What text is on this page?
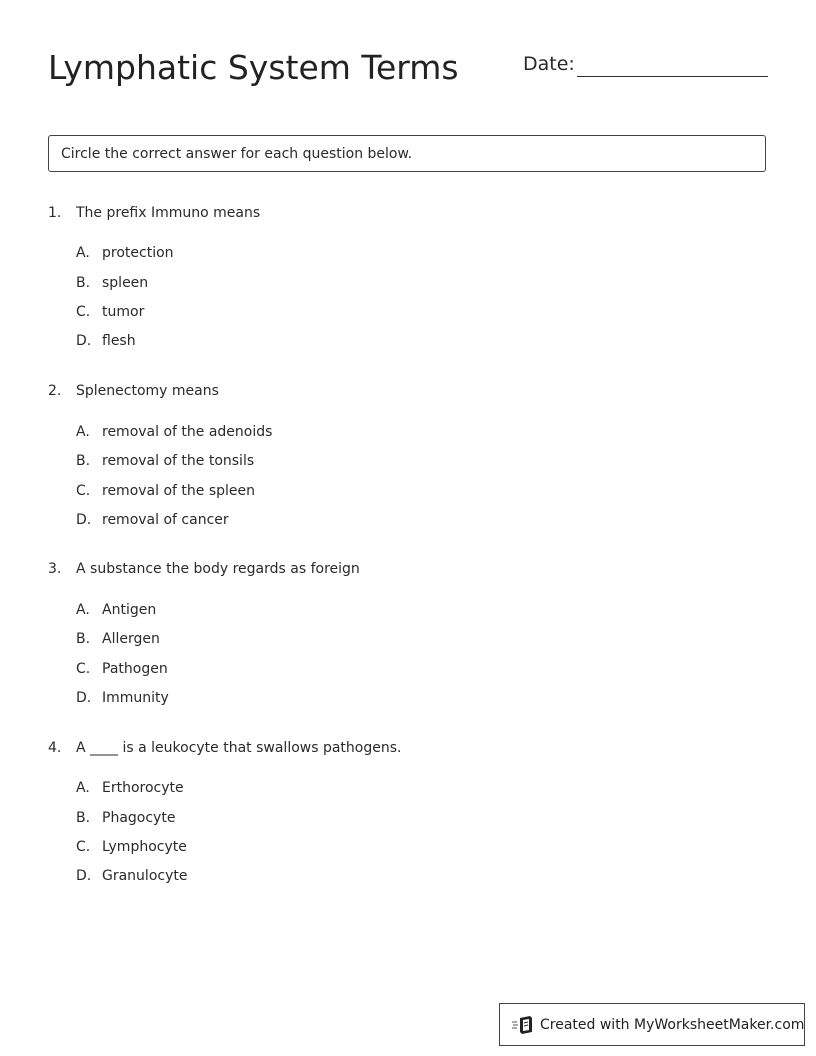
Lymphatic System Terms	Date:
Circle the correct answer for each question below.
1. The prefix Immuno means
A. protection
B. spleen
C. tumor
D. flesh
2. Splenectomy means
A. removal of the adenoids
B. removal of the tonsils
C. removal of the spleen
D. removal of cancer
3. A substance the body regards as foreign
A. Antigen
B. Allergen
C. Pathogen
D. Immunity
4. A ____ is a leukocyte that swallows pathogens.
A. Erthorocyte
B. Phagocyte
C. Lymphocyte
D. Granulocyte
Created with MyWorksheetMaker.com
